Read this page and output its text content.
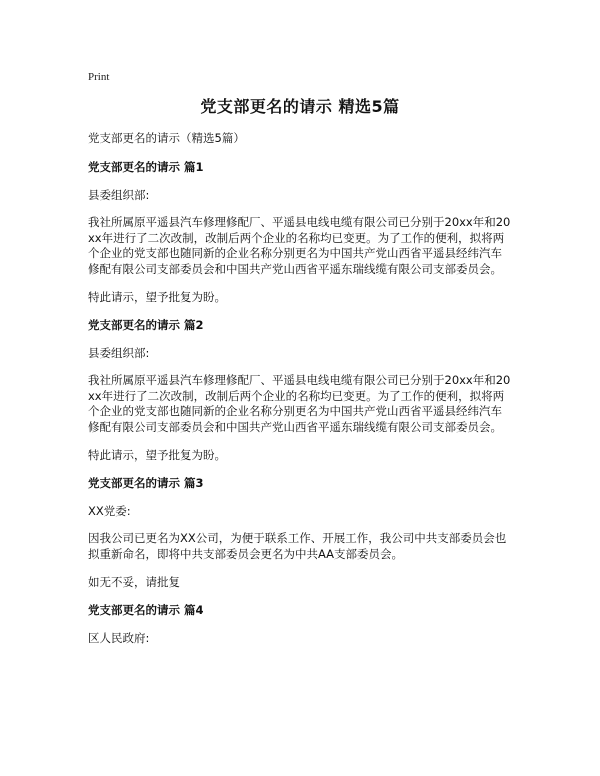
Print
党支部更名的请示 精选5篇
党支部更名的请示（精选5篇）
党支部更名的请示 篇1
县委组织部:
我社所属原平遥县汽车修理修配厂、平遥县电线电缆有限公司已分别于20xx年和20xx年进行了二次改制，改制后两个企业的名称均已变更。为了工作的便利，拟将两个企业的党支部也随同新的企业名称分别更名为中国共产党山西省平遥县经纬汽车修配有限公司支部委员会和中国共产党山西省平遥东瑞线缆有限公司支部委员会。
特此请示，望予批复为盼。
党支部更名的请示 篇2
县委组织部:
我社所属原平遥县汽车修理修配厂、平遥县电线电缆有限公司已分别于20xx年和20xx年进行了二次改制，改制后两个企业的名称均已变更。为了工作的便利，拟将两个企业的党支部也随同新的企业名称分别更名为中国共产党山西省平遥县经纬汽车修配有限公司支部委员会和中国共产党山西省平遥东瑞线缆有限公司支部委员会。
特此请示，望予批复为盼。
党支部更名的请示 篇3
XX党委:
因我公司已更名为XX公司，为便于联系工作、开展工作，我公司中共支部委员会也拟重新命名，即将中共支部委员会更名为中共AA支部委员会。
如无不妥，请批复
党支部更名的请示 篇4
区人民政府:
